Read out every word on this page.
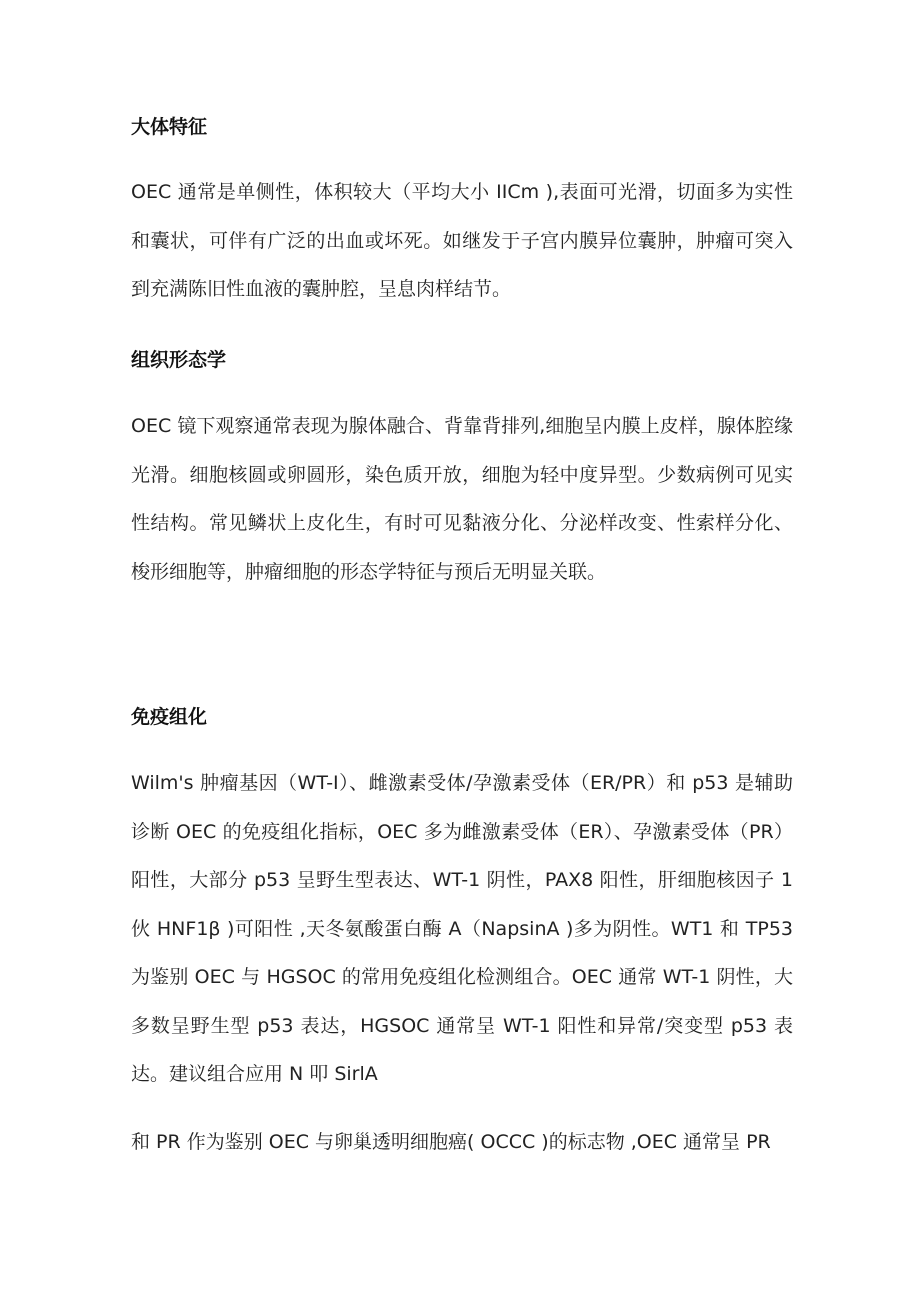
大体特征

OEC 通常是单侧性，体积较大（平均大小 IICm ),表面可光滑，切面多为实性和囊状，可伴有广泛的出血或坏死。如继发于子宫内膜异位囊肿，肿瘤可突入到充满陈旧性血液的囊肿腔，呈息肉样结节。

组织形态学

OEC 镜下观察通常表现为腺体融合、背靠背排列,细胞呈内膜上皮样，腺体腔缘光滑。细胞核圆或卵圆形，染色质开放，细胞为轻中度异型。少数病例可见实性结构。常见鳞状上皮化生，有时可见黏液分化、分泌样改变、性索样分化、梭形细胞等，肿瘤细胞的形态学特征与预后无明显关联。

免疫组化

Wilm's 肿瘤基因（WT-I）、雌激素受体/孕激素受体（ER/PR）和 p53 是辅助诊断 OEC 的免疫组化指标，OEC 多为雌激素受体（ER）、孕激素受体（PR）阳性，大部分 p53 呈野生型表达、WT-1 阴性，PAX8 阳性，肝细胞核因子 1 伙 HNF1β )可阳性 ,天冬氨酸蛋白酶 A（NapsinA )多为阴性。WT1 和 TP53 为鉴别 OEC 与 HGSOC 的常用免疫组化检测组合。OEC 通常 WT-1 阴性，大多数呈野生型 p53 表达，HGSOC 通常呈 WT-1 阳性和异常/突变型 p53 表达。建议组合应用 N 叩 SirlA

和 PR 作为鉴别 OEC 与卵巢透明细胞癌( OCCC )的标志物 ,OEC 通常呈 PR
